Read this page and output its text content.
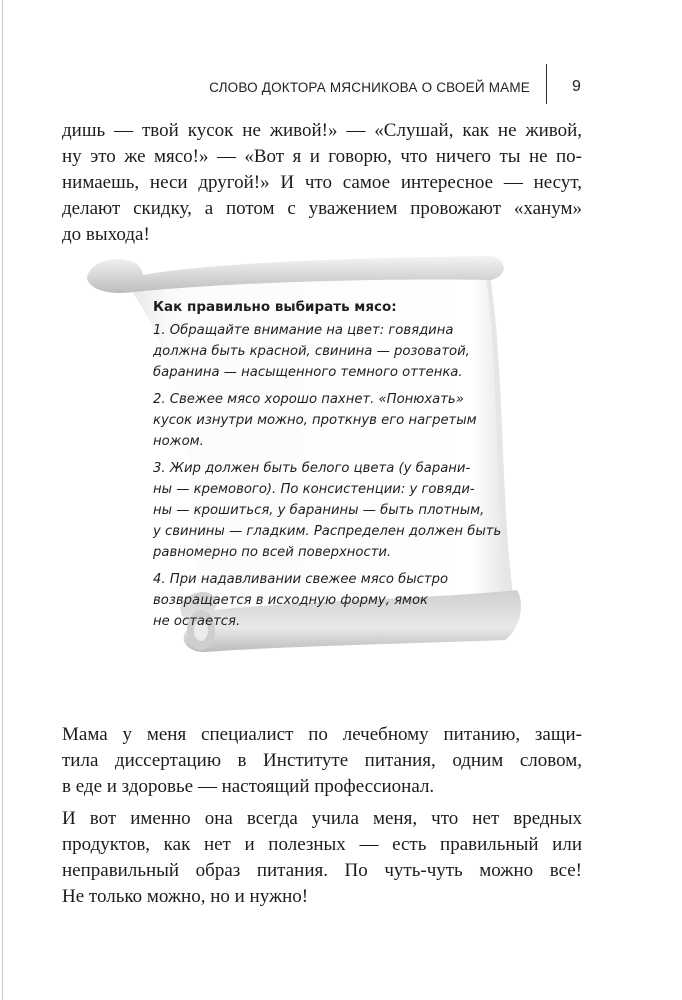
СЛОВО ДОКТОРА МЯСНИКОВА О СВОЕЙ МАМЕ	9
дишь — твой кусок не живой!» — «Слушай, как не живой,
ну это же мясо!» — «Вот я и говорю, что ничего ты не по-
нимаешь, неси другой!» И что самое интересное — несут,
делают скидку, а потом с уважением провожают «ханум»
до выхода!

Как правильно выбирать мясо:

1. Обращайте внимание на цвет: говядина
должна быть красной, свинина — розоватой,
баранина — насыщенного темного оттенка.

2. Свежее мясо хорошо пахнет. «Понюхать»
кусок изнутри можно, проткнув его нагретым
ножом.

3. Жир должен быть белого цвета (у барани-
ны — кремового). По консистенции: у говяди-
ны — крошиться, у баранины — быть плотным,
у свинины — гладким. Распределен должен быть
равномерно по всей поверхности.

4. При надавливании свежее мясо быстро
возвращается в исходную форму, ямок
не остается.

Мама у меня специалист по лечебному питанию, защи-
тила диссертацию в Институте питания, одним словом,
в еде и здоровье — настоящий профессионал.
И вот именно она всегда учила меня, что нет вредных
продуктов, как нет и полезных — есть правильный или
неправильный образ питания. По чуть-чуть можно все!
Не только можно, но и нужно!
